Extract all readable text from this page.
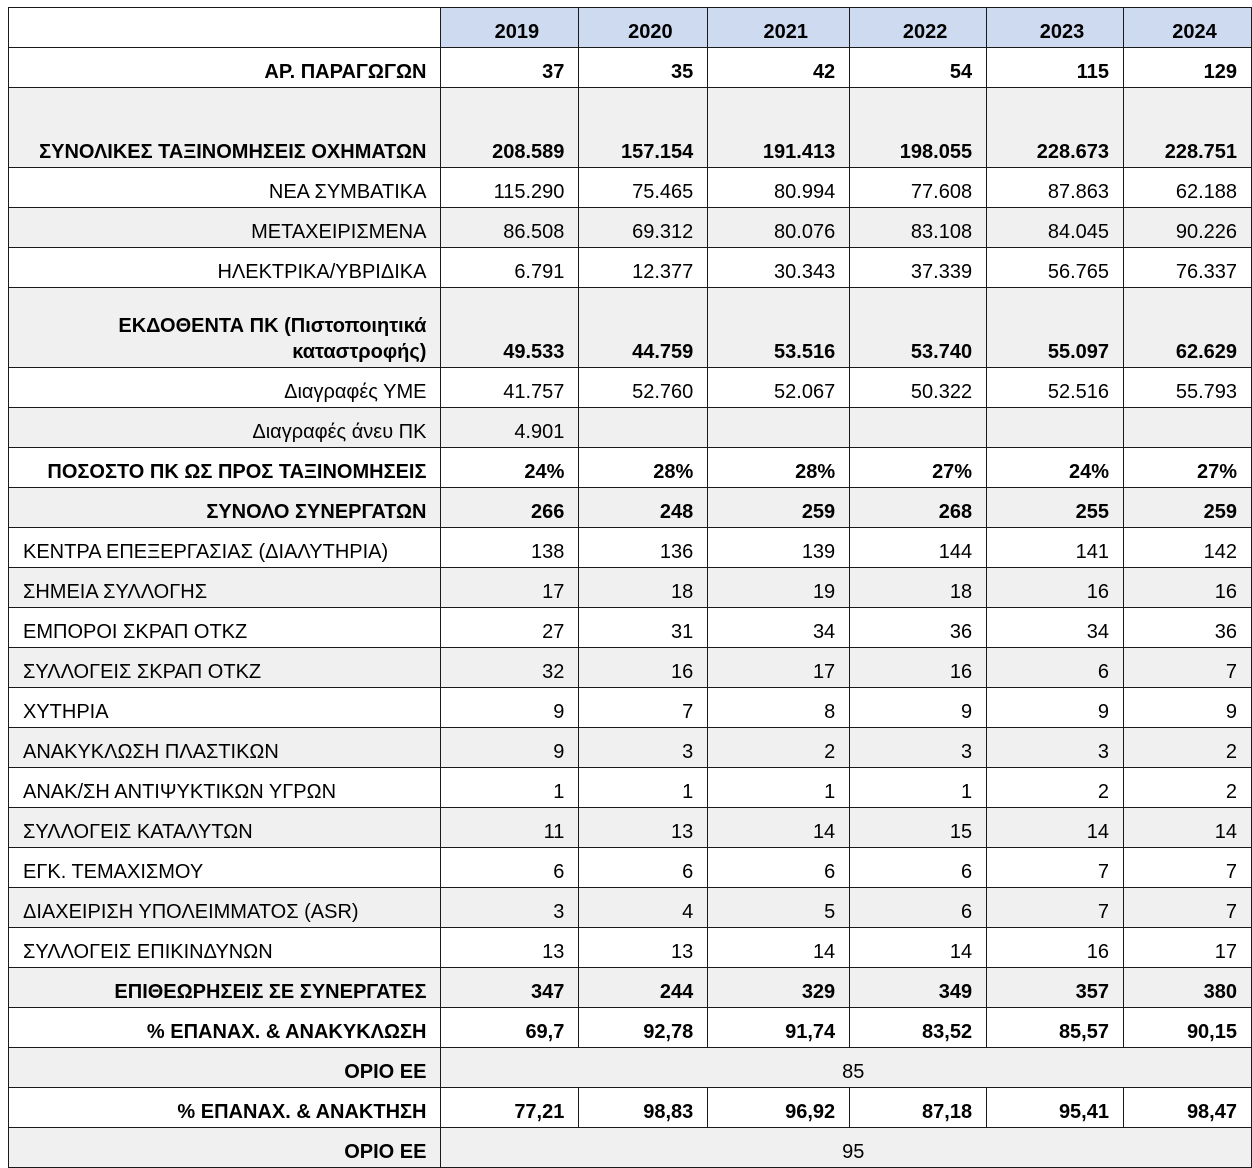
	2019	2020	2021	2022	2023	2024
ΑΡ. ΠΑΡΑΓΩΓΩΝ	37	35	42	54	115	129
ΣΥΝΟΛΙΚΕΣ ΤΑΞΙΝΟΜΗΣΕΙΣ ΟΧΗΜΑΤΩΝ	208.589	157.154	191.413	198.055	228.673	228.751
ΝΕΑ ΣΥΜΒΑΤΙΚΑ	115.290	75.465	80.994	77.608	87.863	62.188
ΜΕΤΑΧΕΙΡΙΣΜΕΝΑ	86.508	69.312	80.076	83.108	84.045	90.226
ΗΛΕΚΤΡΙΚΑ/ΥΒΡΙΔΙΚΑ	6.791	12.377	30.343	37.339	56.765	76.337
ΕΚΔΟΘΕΝΤΑ ΠΚ (Πιστοποιητικά καταστροφής)	49.533	44.759	53.516	53.740	55.097	62.629
Διαγραφές ΥΜΕ	41.757	52.760	52.067	50.322	52.516	55.793
Διαγραφές άνευ ΠΚ	4.901					
ΠΟΣΟΣΤΟ ΠΚ ΩΣ ΠΡΟΣ ΤΑΞΙΝΟΜΗΣΕΙΣ	24%	28%	28%	27%	24%	27%
ΣΥΝΟΛΟ ΣΥΝΕΡΓΑΤΩΝ	266	248	259	268	255	259
ΚΕΝΤΡΑ ΕΠΕΞΕΡΓΑΣΙΑΣ (ΔΙΑΛΥΤΗΡΙΑ)	138	136	139	144	141	142
ΣΗΜΕΙΑ ΣΥΛΛΟΓΗΣ	17	18	19	18	16	16
ΕΜΠΟΡΟΙ ΣΚΡΑΠ ΟΤΚΖ	27	31	34	36	34	36
ΣΥΛΛΟΓΕΙΣ ΣΚΡΑΠ ΟΤΚΖ	32	16	17	16	6	7
ΧΥΤΗΡΙΑ	9	7	8	9	9	9
ΑΝΑΚΥΚΛΩΣΗ ΠΛΑΣΤΙΚΩΝ	9	3	2	3	3	2
ΑΝΑΚ/ΣΗ ΑΝΤΙΨΥΚΤΙΚΩΝ ΥΓΡΩΝ	1	1	1	1	2	2
ΣΥΛΛΟΓΕΙΣ ΚΑΤΑΛΥΤΩΝ	11	13	14	15	14	14
ΕΓΚ. ΤΕΜΑΧΙΣΜΟΥ	6	6	6	6	7	7
ΔΙΑΧΕΙΡΙΣΗ ΥΠΟΛΕΙΜΜΑΤΟΣ (ASR)	3	4	5	6	7	7
ΣΥΛΛΟΓΕΙΣ ΕΠΙΚΙΝΔΥΝΩΝ	13	13	14	14	16	17
ΕΠΙΘΕΩΡΗΣΕΙΣ ΣΕ ΣΥΝΕΡΓΑΤΕΣ	347	244	329	349	357	380
% ΕΠΑΝΑΧ. & ΑΝΑΚΥΚΛΩΣΗ	69,7	92,78	91,74	83,52	85,57	90,15
ΟΡΙΟ ΕΕ	85					
% ΕΠΑΝΑΧ. & ΑΝΑΚΤΗΣΗ	77,21	98,83	96,92	87,18	95,41	98,47
ΟΡΙΟ ΕΕ	95					
